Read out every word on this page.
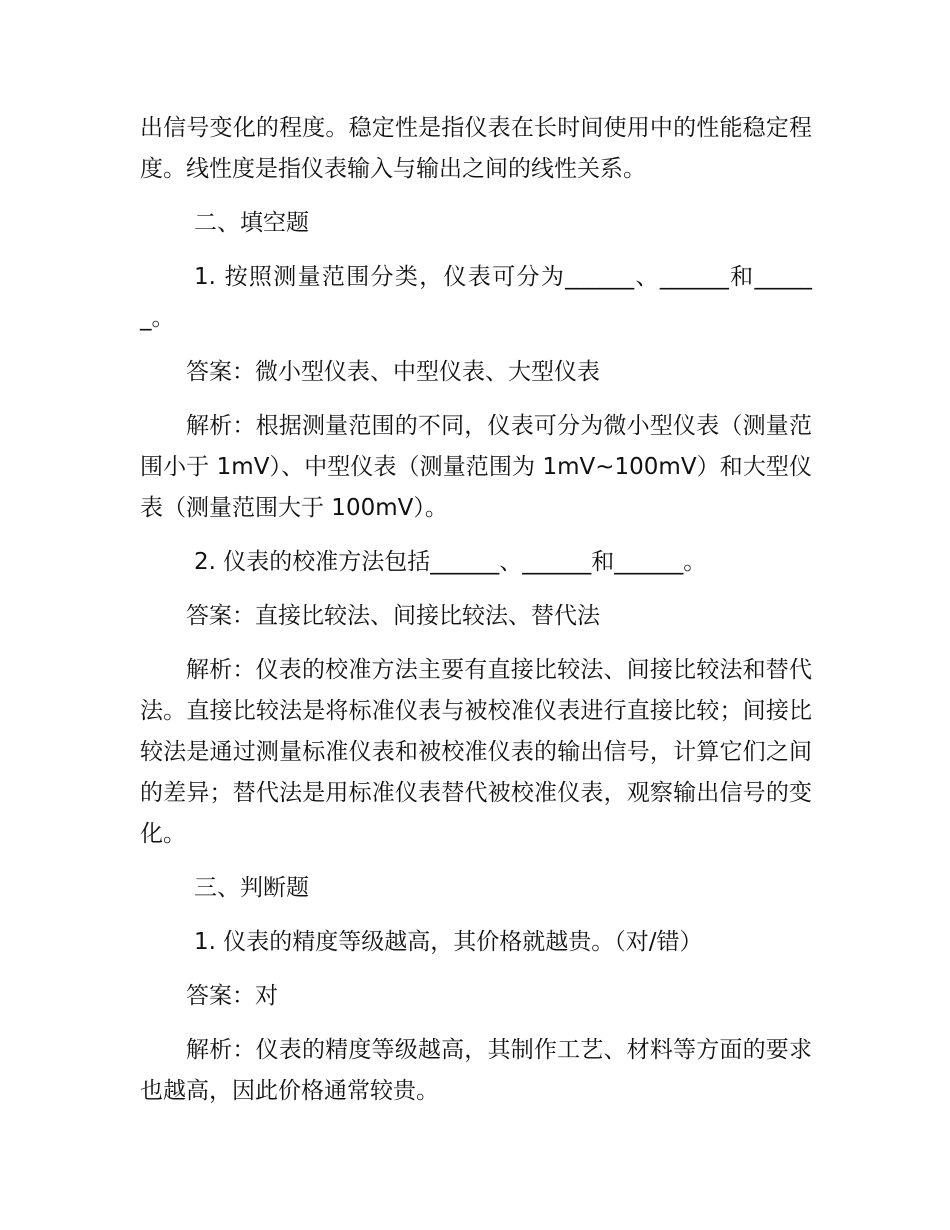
出信号变化的程度。稳定性是指仪表在长时间使用中的性能稳定程度。线性度是指仪表输入与输出之间的线性关系。

二、填空题

1. 按照测量范围分类，仪表可分为______、______和______。

答案：微小型仪表、中型仪表、大型仪表

解析：根据测量范围的不同，仪表可分为微小型仪表（测量范围小于 1mV）、中型仪表（测量范围为 1mV~100mV）和大型仪表（测量范围大于 100mV）。

2. 仪表的校准方法包括______、______和______。

答案：直接比较法、间接比较法、替代法

解析：仪表的校准方法主要有直接比较法、间接比较法和替代法。直接比较法是将标准仪表与被校准仪表进行直接比较；间接比较法是通过测量标准仪表和被校准仪表的输出信号，计算它们之间的差异；替代法是用标准仪表替代被校准仪表，观察输出信号的变化。

三、判断题

1. 仪表的精度等级越高，其价格就越贵。（对/错）

答案：对

解析：仪表的精度等级越高，其制作工艺、材料等方面的要求也越高，因此价格通常较贵。
